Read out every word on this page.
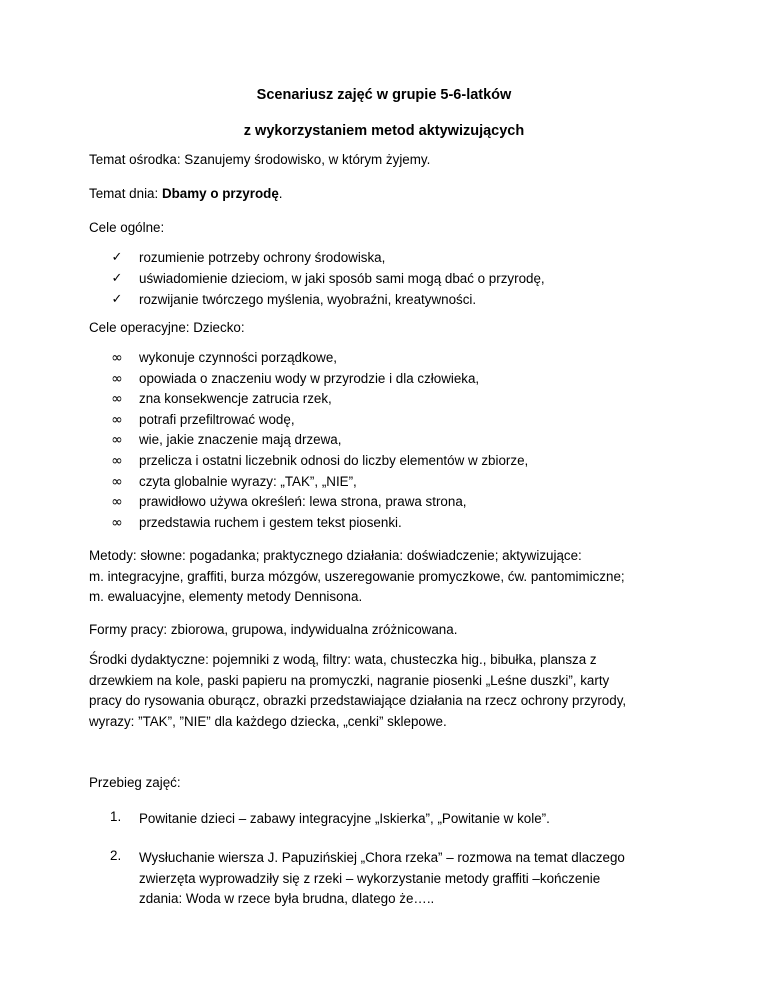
Scenariusz zajęć w grupie 5-6-latków
z wykorzystaniem metod aktywizujących
Temat ośrodka: Szanujemy środowisko, w którym żyjemy.
Temat dnia: Dbamy o przyrodę.
Cele ogólne:
✓ rozumienie potrzeby ochrony środowiska,
✓ uświadomienie dzieciom, w jaki sposób sami mogą dbać o przyrodę,
✓ rozwijanie twórczego myślenia, wyobraźni, kreatywności.
Cele operacyjne: Dziecko:
∞ wykonuje czynności porządkowe,
∞ opowiada o znaczeniu wody w przyrodzie i dla człowieka,
∞ zna konsekwencje zatrucia rzek,
∞ potrafi przefiltrować wodę,
∞ wie, jakie znaczenie mają drzewa,
∞ przelicza i ostatni liczebnik odnosi do liczby elementów w zbiorze,
∞ czyta globalnie wyrazy: „TAK”, „NIE”,
∞ prawidłowo używa określeń: lewa strona, prawa strona,
∞ przedstawia ruchem i gestem tekst piosenki.
Metody: słowne: pogadanka; praktycznego działania: doświadczenie; aktywizujące:
m. integracyjne, graffiti, burza mózgów, uszeregowanie promyczkowe, ćw. pantomimiczne;
m. ewaluacyjne, elementy metody Dennisona.
Formy pracy: zbiorowa, grupowa, indywidualna zróżnicowana.
Środki dydaktyczne: pojemniki z wodą, filtry: wata, chusteczka hig., bibułka, plansza z
drzewkiem na kole, paski papieru na promyczki, nagranie piosenki „Leśne duszki”, karty
pracy do rysowania oburącz, obrazki przedstawiające działania na rzecz ochrony przyrody,
wyrazy: ”TAK”, ”NIE” dla każdego dziecka, „cenki” sklepowe.
Przebieg zajęć:
1. Powitanie dzieci – zabawy integracyjne „Iskierka”, „Powitanie w kole”.
2. Wysłuchanie wiersza J. Papuzińskiej „Chora rzeka” – rozmowa na temat dlaczego
zwierzęta wyprowadziły się z rzeki – wykorzystanie metody graffiti –kończenie
zdania: Woda w rzece była brudna, dlatego że…..
